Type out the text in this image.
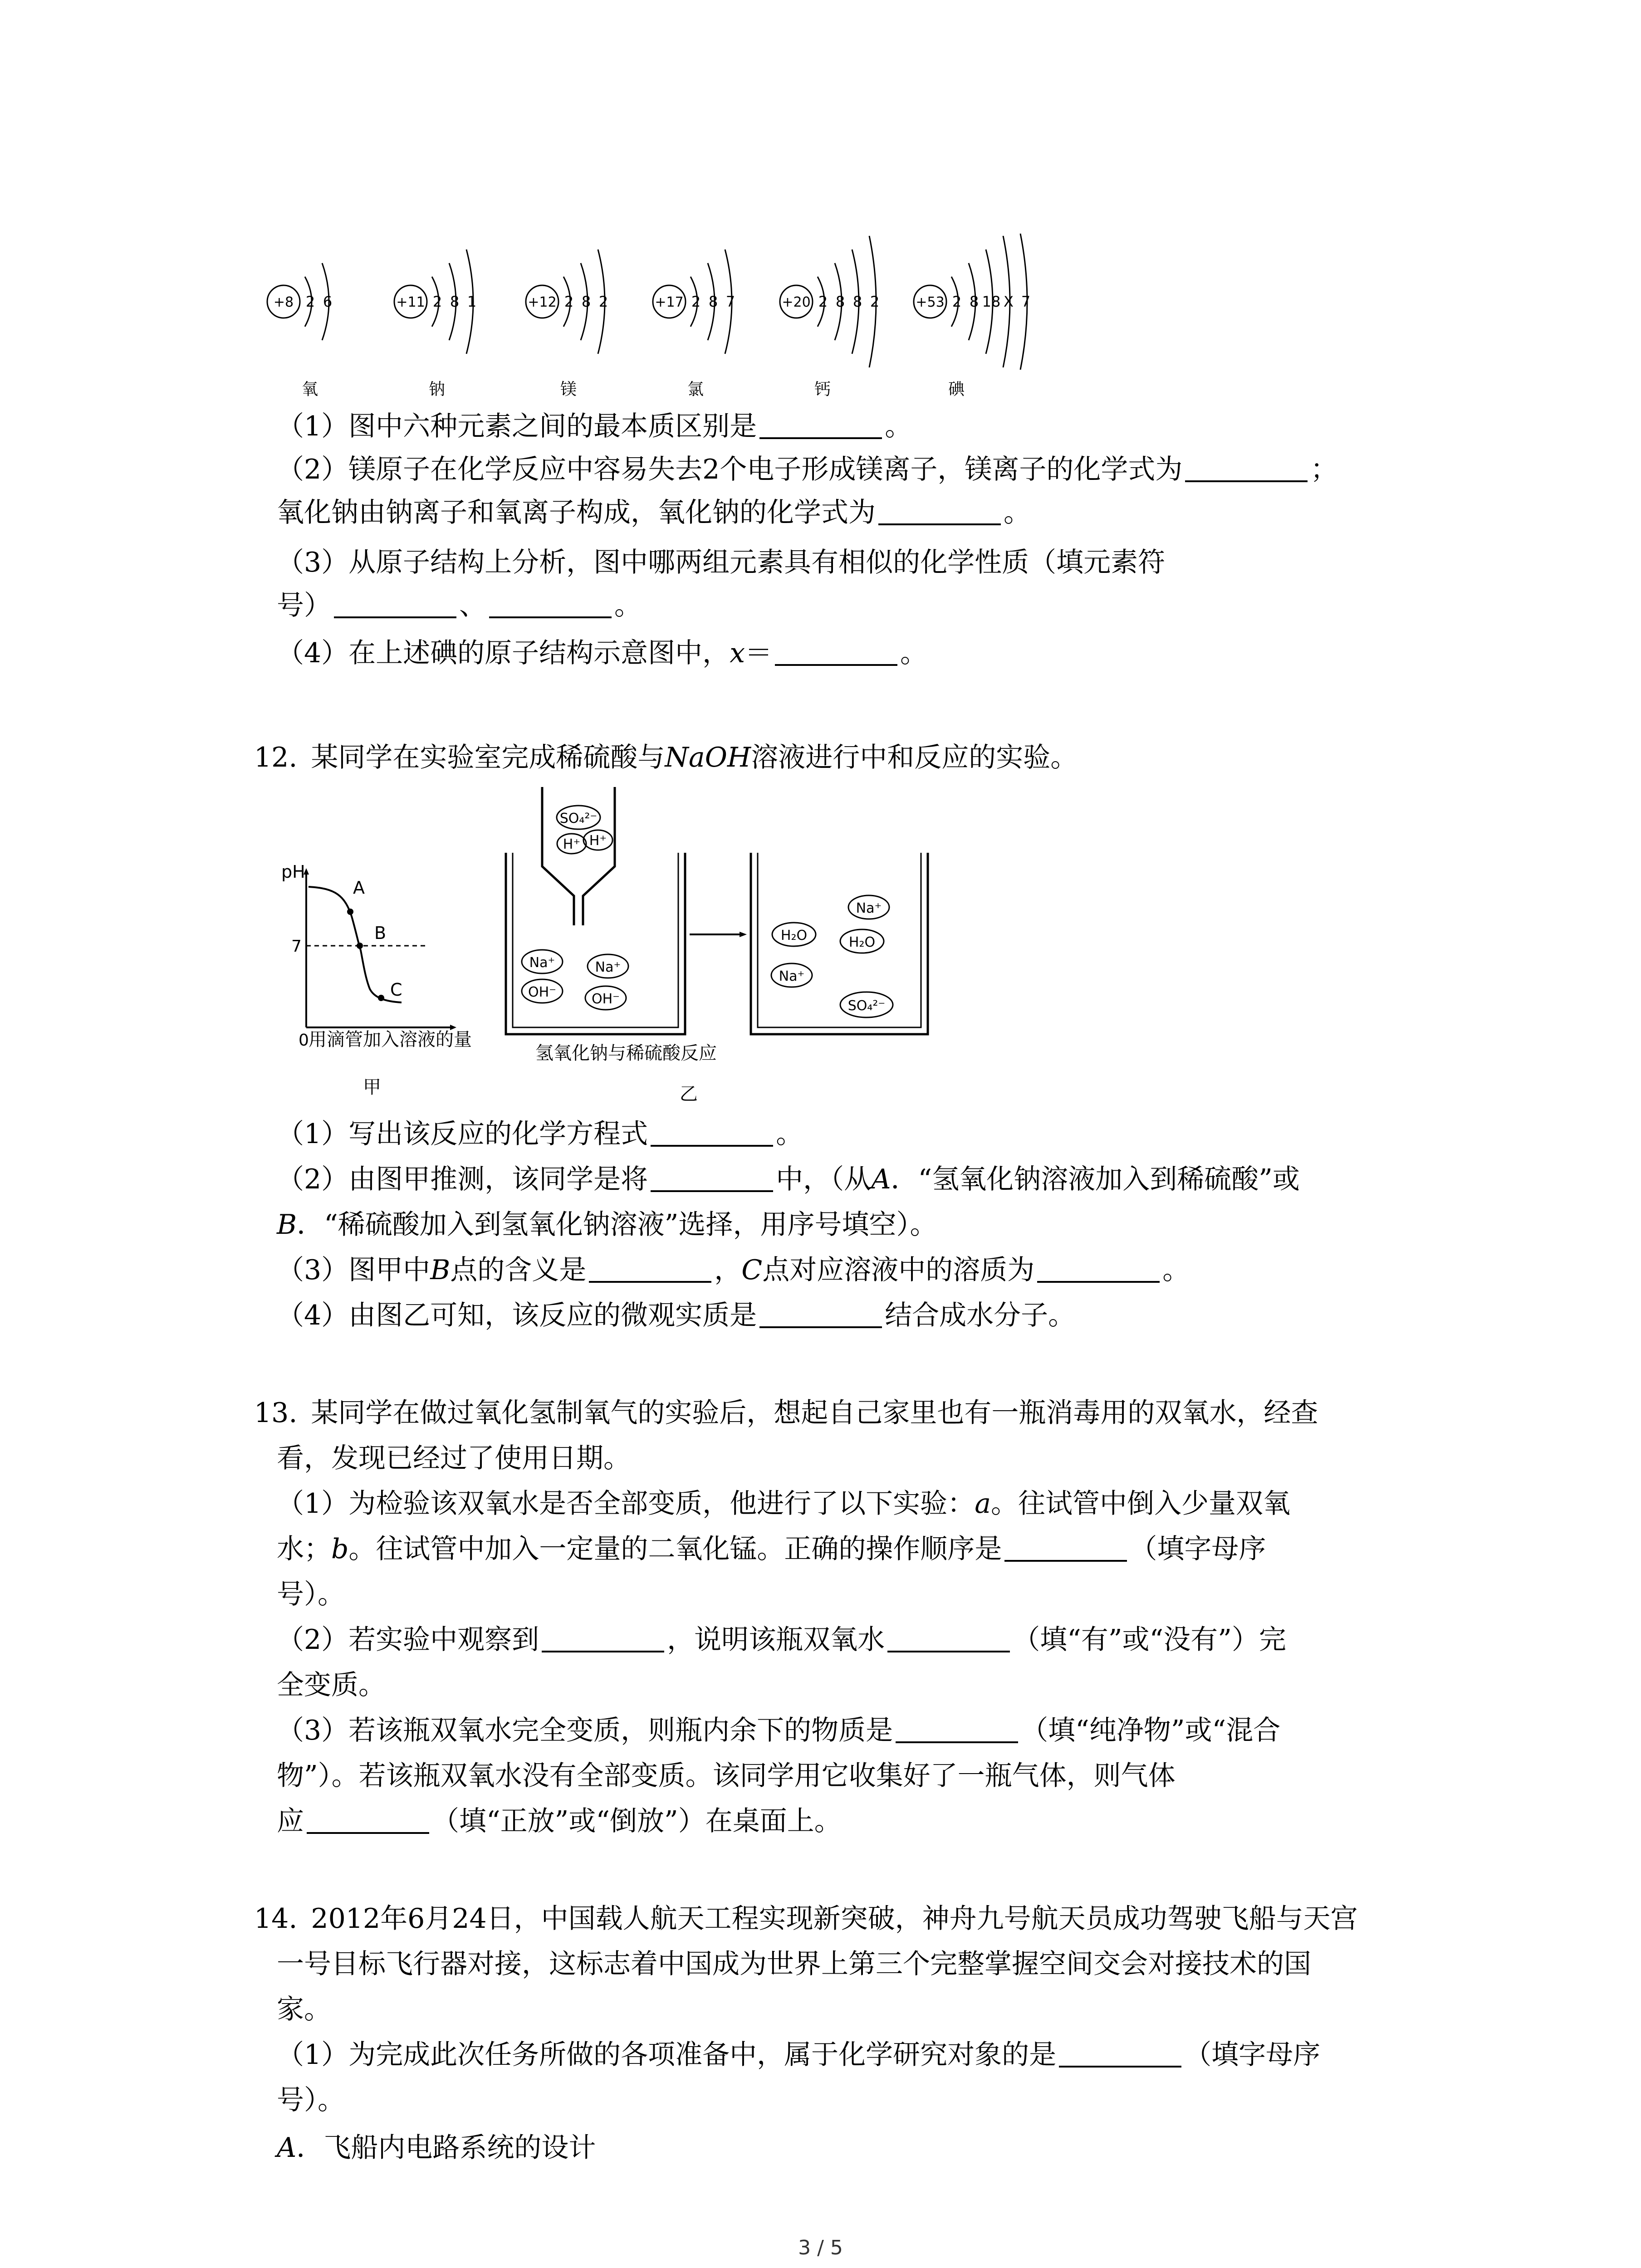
+8 2 6
氧
+11 2 8 1
钠
+12 2 8 2
镁
+17 2 8 7
氯
+20 2 8 8 2
钙
+53 2 8 18 X 7
碘
（1）图中六种元素之间的最本质区别是	。
（2）镁原子在化学反应中容易失去2个电子形成镁离子，镁离子的化学式为	；
氧化钠由钠离子和氧离子构成，氧化钠的化学式为	。
（3）从原子结构上分析，图中哪两组元素具有相似的化学性质（填元素符
号）	、	。
（4）在上述碘的原子结构示意图中，x＝	。
12. 某同学在实验室完成稀硫酸与NaOH溶液进行中和反应的实验。
pH
7
0 用滴管加入溶液的量
A
B
C
甲
SO₄²⁻
H⁺ H⁺
Na⁺	Na⁺
OH⁻	OH⁻
Na⁺
H₂O	H₂O
Na⁺
SO₄²⁻
氢氧化钠与稀硫酸反应
乙
（1）写出该反应的化学方程式	。
（2）由图甲推测，该同学是将	中，（从A．“氢氧化钠溶液加入到稀硫酸”或
B．“稀硫酸加入到氢氧化钠溶液”选择，用序号填空）。
（3）图甲中B点的含义是	，C点对应溶液中的溶质为	。
（4）由图乙可知，该反应的微观实质是	结合成水分子。
13. 某同学在做过氧化氢制氧气的实验后，想起自己家里也有一瓶消毒用的双氧水，经查
看，发现已经过了使用日期。
（1）为检验该双氧水是否全部变质，他进行了以下实验：a。往试管中倒入少量双氧
水；b。往试管中加入一定量的二氧化锰。正确的操作顺序是	（填字母序
号）。
（2）若实验中观察到	，说明该瓶双氧水	（填“有”或“没有”）完
全变质。
（3）若该瓶双氧水完全变质，则瓶内余下的物质是	（填“纯净物”或“混合
物”）。若该瓶双氧水没有全部变质。该同学用它收集好了一瓶气体，则气体
应	（填“正放”或“倒放”）在桌面上。
14. 2012年6月24日，中国载人航天工程实现新突破，神舟九号航天员成功驾驶飞船与天宫
一号目标飞行器对接，这标志着中国成为世界上第三个完整掌握空间交会对接技术的国
家。
（1）为完成此次任务所做的各项准备中，属于化学研究对象的是	（填字母序
号）。
A．飞船内电路系统的设计
3 / 5
